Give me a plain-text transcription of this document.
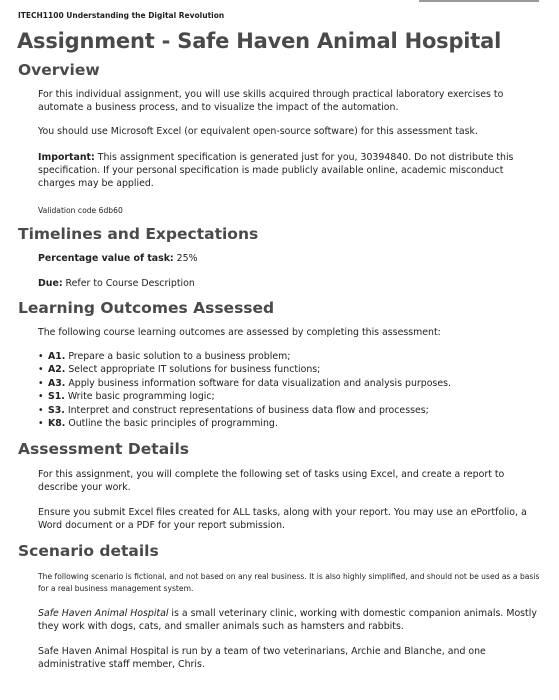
ITECH1100 Understanding the Digital Revolution
Assignment - Safe Haven Animal Hospital
Overview

For this individual assignment, you will use skills acquired through practical laboratory exercises to automate a business process, and to visualize the impact of the automation.

You should use Microsoft Excel (or equivalent open-source software) for this assessment task.

Important: This assignment specification is generated just for you, 30394840. Do not distribute this specification. If your personal specification is made publicly available online, academic misconduct charges may be applied.

Validation code 6db60

Timelines and Expectations

Percentage value of task: 25%

Due: Refer to Course Description

Learning Outcomes Assessed

The following course learning outcomes are assessed by completing this assessment:

• A1. Prepare a basic solution to a business problem;
• A2. Select appropriate IT solutions for business functions;
• A3. Apply business information software for data visualization and analysis purposes.
• S1. Write basic programming logic;
• S3. Interpret and construct representations of business data flow and processes;
• K8. Outline the basic principles of programming.
Assessment Details

For this assignment, you will complete the following set of tasks using Excel, and create a report to describe your work.

Ensure you submit Excel files created for ALL tasks, along with your report. You may use an ePortfolio, a Word document or a PDF for your report submission.

Scenario details

The following scenario is fictional, and not based on any real business. It is also highly simplified, and should not be used as a basis for a real business management system.

Safe Haven Animal Hospital is a small veterinary clinic, working with domestic companion animals. Mostly they work with dogs, cats, and smaller animals such as hamsters and rabbits.

Safe Haven Animal Hospital is run by a team of two veterinarians, Archie and Blanche, and one administrative staff member, Chris.
